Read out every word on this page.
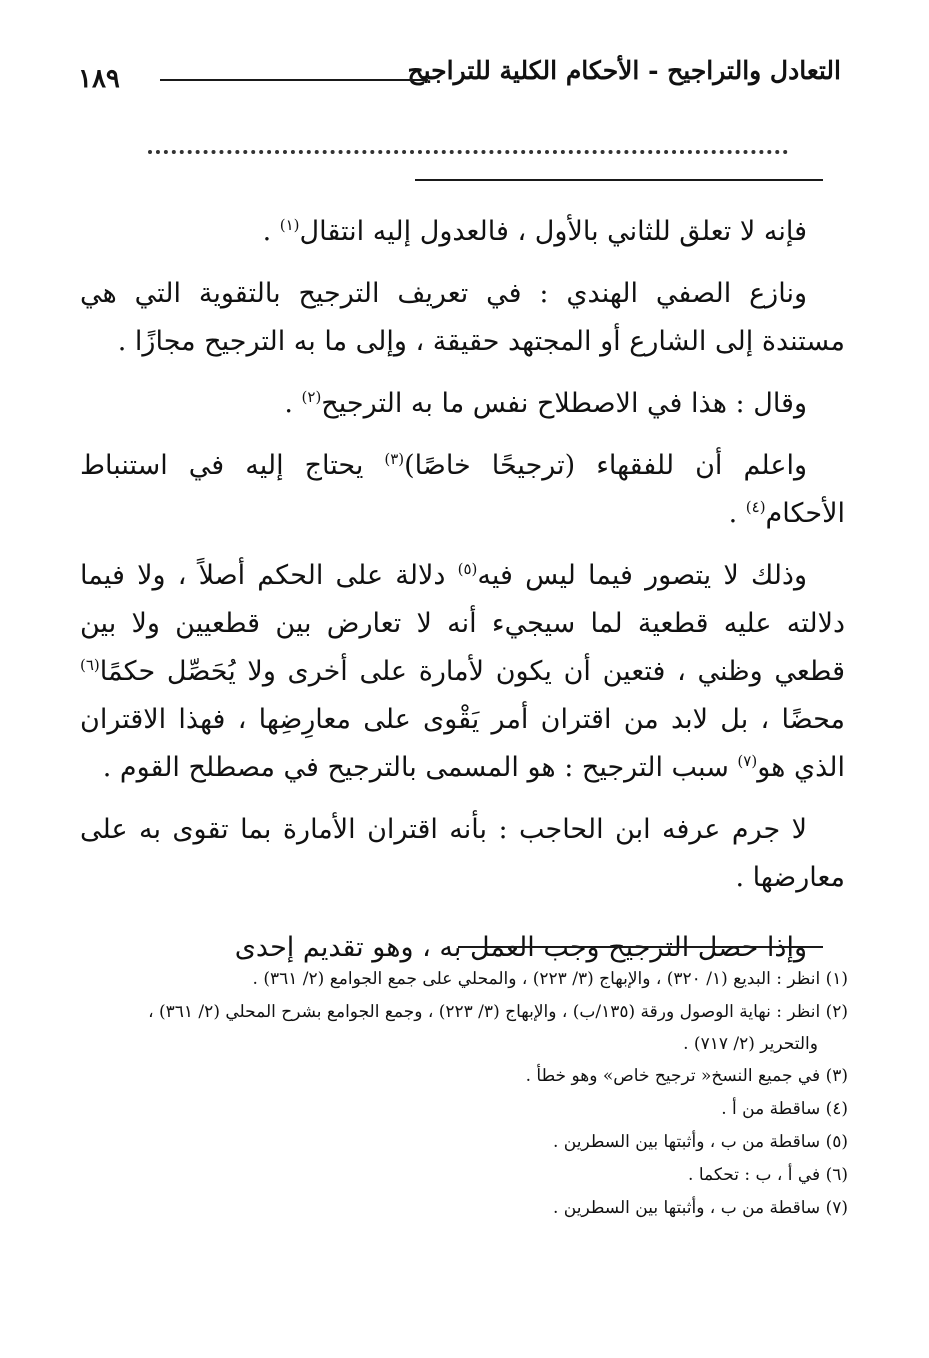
التعادل والتراجيح - الأحكام الكلية للتراجيح
١٨٩

فإنه لا تعلق للثاني بالأول ، فالعدول إليه انتقال$^{(١)}$ .

ونازع الصفي الهندي : في تعريف الترجيح بالتقوية التي هي مستندة إلى الشارع أو المجتهد حقيقة ، وإلى ما به الترجيح مجازًا .

وقال : هذا في الاصطلاح نفس ما به الترجيح$^{(٢)}$ .

واعلم أن للفقهاء (ترجيحًا خاصًا)$^{(٣)}$ يحتاج إليه في استنباط الأحكام$^{(٤)}$ .

وذلك لا يتصور فيما ليس فيه$^{(٥)}$ دلالة على الحكم أصلاً ، ولا فيما دلالته عليه قطعية لما سيجيء أنه لا تعارض بين قطعيين ولا بين قطعي وظني ، فتعين أن يكون لأمارة على أخرى ولا يُحَصِّل حكمًا$^{(٦)}$ محضًا ، بل لابد من اقتران أمر يَقْوى على معارِضِها ، فهذا الاقتران الذي هو$^{(٧)}$ سبب الترجيح : هو المسمى بالترجيح في مصطلح القوم .

لا جرم عرفه ابن الحاجب : بأنه اقتران الأمارة بما تقوى به على معارضها .

وإذا حصل الترجيح وجب العمل به ، وهو تقديم إحدى

(١) انظر : البديع (١/ ٣٢٠) ، والإبهاج (٣/ ٢٢٣) ، والمحلي على جمع الجوامع (٢/ ٣٦١) .

(٢) انظر : نهاية الوصول ورقة (١٣٥/ب) ، والإبهاج (٣/ ٢٢٣) ، وجمع الجوامع بشرح المحلي (٢/ ٣٦١) ، والتحرير (٢/ ٧١٧) .

(٣) في جميع النسخ« ترجيح خاص» وهو خطأ .

(٤) ساقطة من أ .

(٥) ساقطة من ب ، وأثبتها بين السطرين .

(٦) في أ ، ب : تحكما .

(٧) ساقطة من ب ، وأثبتها بين السطرين .
